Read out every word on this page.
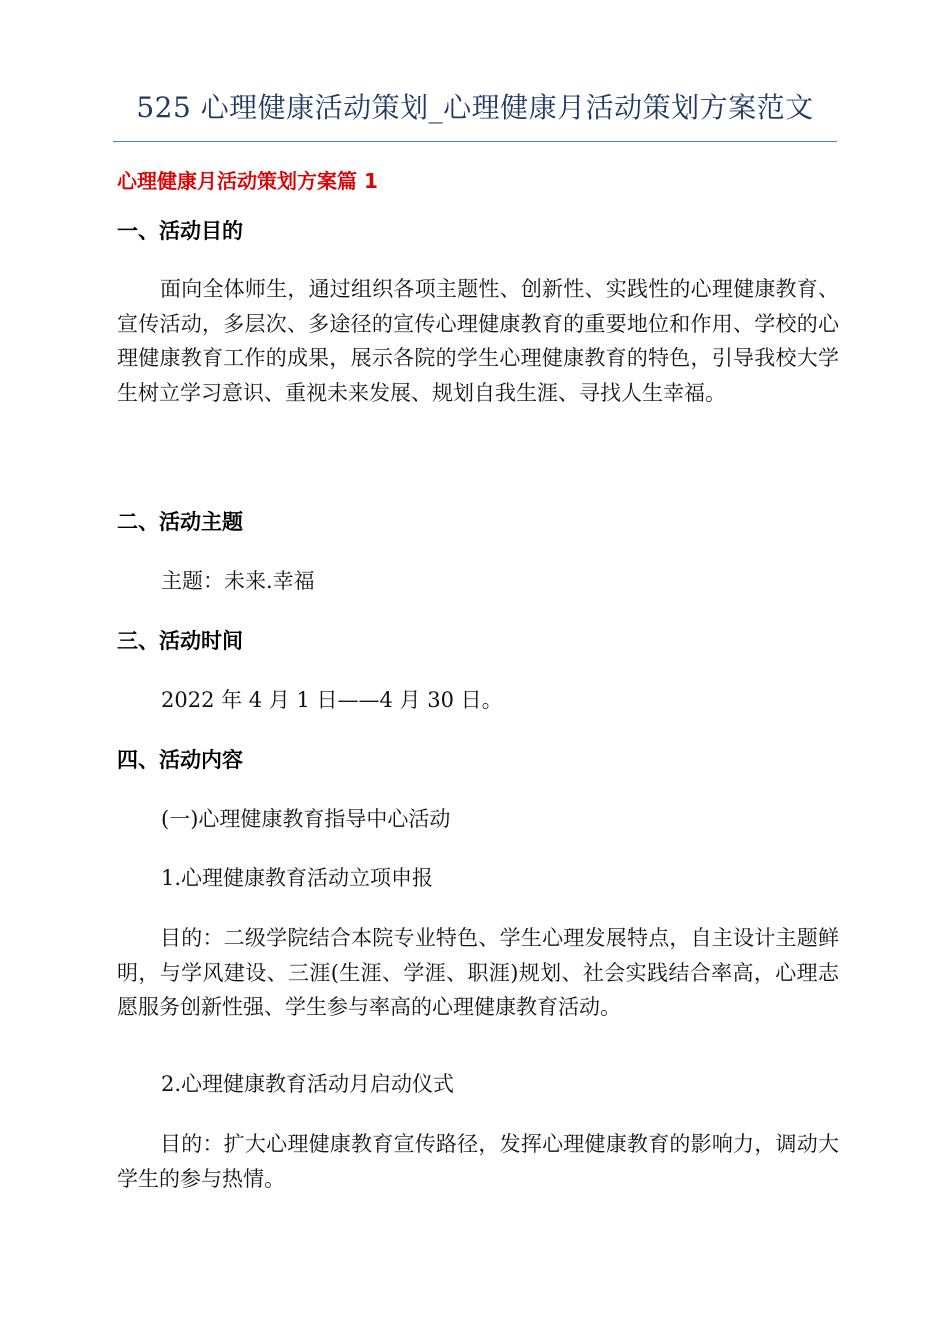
525 心理健康活动策划_心理健康月活动策划方案范文
心理健康月活动策划方案篇 1
一、活动目的

面向全体师生，通过组织各项主题性、创新性、实践性的心理健康教育、宣传活动，多层次、多途径的宣传心理健康教育的重要地位和作用、学校的心理健康教育工作的成果，展示各院的学生心理健康教育的特色，引导我校大学生树立学习意识、重视未来发展、规划自我生涯、寻找人生幸福。

二、活动主题
主题：未来.幸福
三、活动时间
2022 年 4 月 1 日——4 月 30 日。
四、活动内容
(一)心理健康教育指导中心活动
1.心理健康教育活动立项申报

目的：二级学院结合本院专业特色、学生心理发展特点，自主设计主题鲜明，与学风建设、三涯(生涯、学涯、职涯)规划、社会实践结合率高，心理志愿服务创新性强、学生参与率高的心理健康教育活动。

2.心理健康教育活动月启动仪式

目的：扩大心理健康教育宣传路径，发挥心理健康教育的影响力，调动大学生的参与热情。
